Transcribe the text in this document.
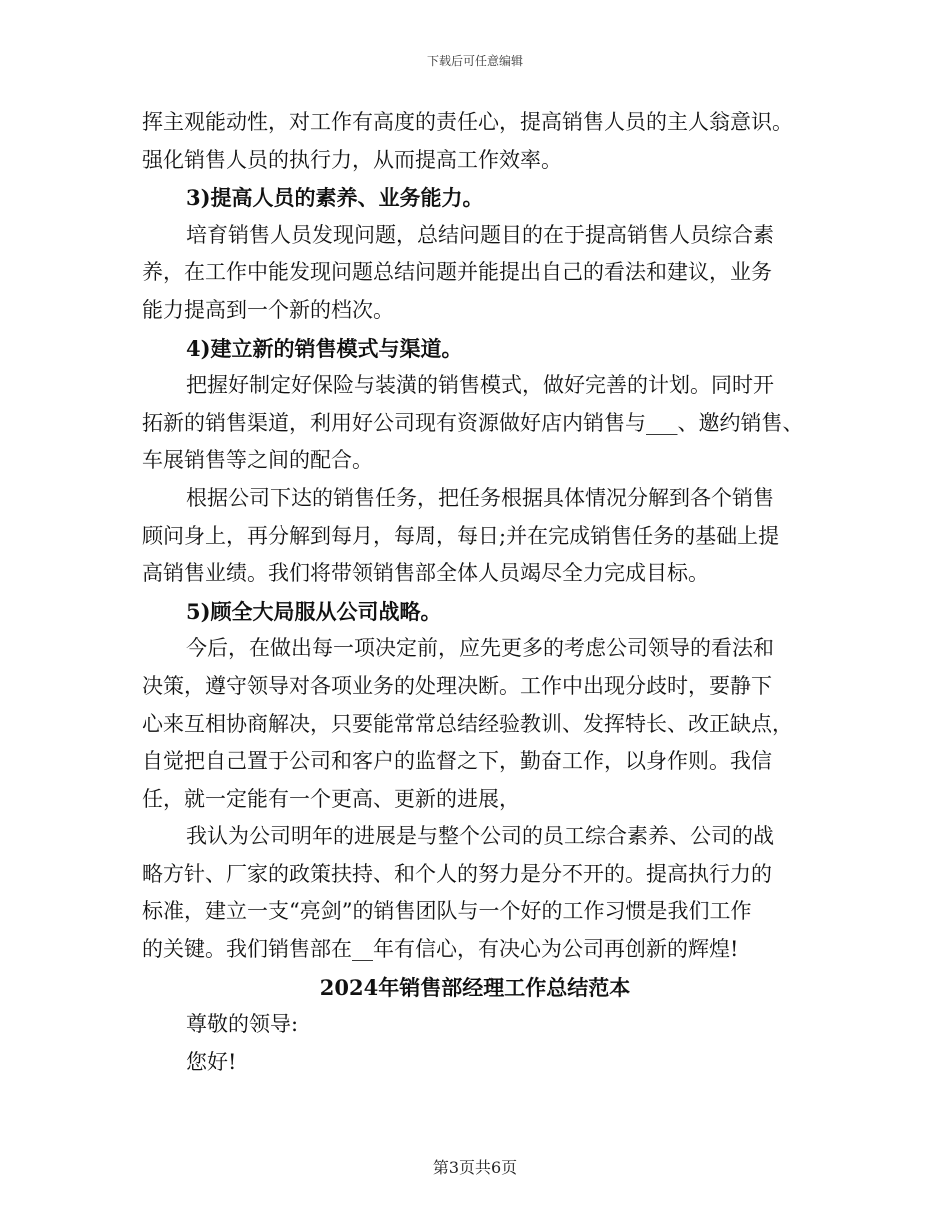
下载后可任意编辑
挥主观能动性，对工作有高度的责任心，提高销售人员的主人翁意识。
强化销售人员的执行力，从而提高工作效率。
3)提高人员的素养、业务能力。
培育销售人员发现问题，总结问题目的在于提高销售人员综合素
养，在工作中能发现问题总结问题并能提出自己的看法和建议，业务
能力提高到一个新的档次。
4)建立新的销售模式与渠道。
把握好制定好保险与装潢的销售模式，做好完善的计划。同时开
拓新的销售渠道，利用好公司现有资源做好店内销售与___、邀约销售、
车展销售等之间的配合。
根据公司下达的销售任务，把任务根据具体情况分解到各个销售
顾问身上，再分解到每月，每周，每日;并在完成销售任务的基础上提
高销售业绩。我们将带领销售部全体人员竭尽全力完成目标。
5)顾全大局服从公司战略。
今后，在做出每一项决定前，应先更多的考虑公司领导的看法和
决策，遵守领导对各项业务的处理决断。工作中出现分歧时，要静下
心来互相协商解决，只要能常常总结经验教训、发挥特长、改正缺点，
自觉把自己置于公司和客户的监督之下，勤奋工作，以身作则。我信
任，就一定能有一个更高、更新的进展，
我认为公司明年的进展是与整个公司的员工综合素养、公司的战
略方针、厂家的政策扶持、和个人的努力是分不开的。提高执行力的
标准，建立一支“亮剑”的销售团队与一个好的工作习惯是我们工作
的关键。我们销售部在__年有信心，有决心为公司再创新的辉煌!
2024年销售部经理工作总结范本
尊敬的领导:
您好!
第3页共6页
